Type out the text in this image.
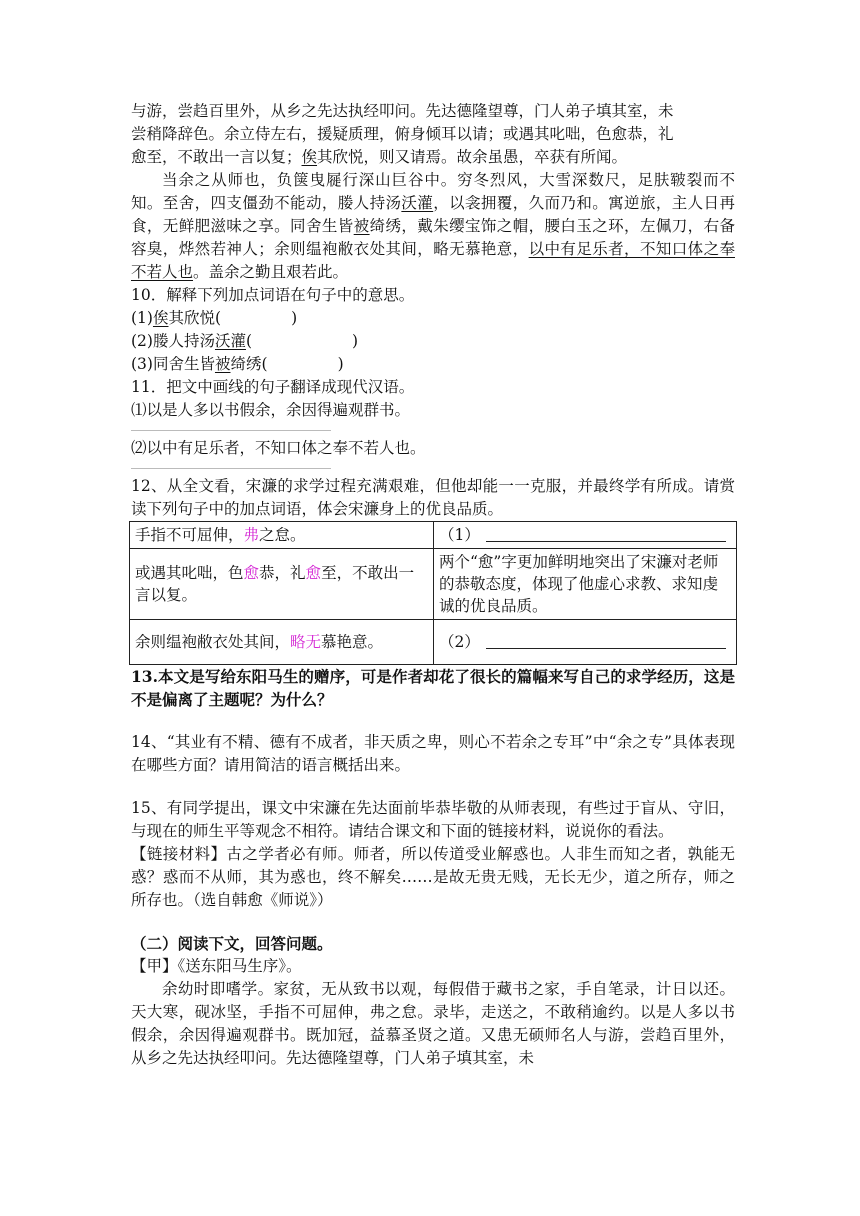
与游，尝趋百里外，从乡之先达执经叩问。先达德隆望尊，门人弟子填其室，未

尝稍降辞色。余立侍左右，援疑质理，俯身倾耳以请；或遇其叱咄，色愈恭，礼

愈至，不敢出一言以复；俟其欣悦，则又请焉。故余虽愚，卒获有所闻。

当余之从师也，负箧曳屣行深山巨谷中。穷冬烈风，大雪深数尺，足肤皲裂而不知。至舍，四支僵劲不能动，媵人持汤沃灌，以衾拥覆，久而乃和。寓逆旅，主人日再食，无鲜肥滋味之享。同舍生皆被绮绣，戴朱缨宝饰之帽，腰白玉之环，左佩刀，右备容臭，烨然若神人；余则缊袍敝衣处其间，略无慕艳意，以中有足乐者，不知口体之奉不若人也。盖余之勤且艰若此。

10．解释下列加点词语在句子中的意思。

(1)俟其欣悦(	)

(2)媵人持汤沃灌(	)

(3)同舍生皆被绮绣(	)

11．把文中画线的句子翻译成现代汉语。

⑴以是人多以书假余，余因得遍观群书。

⑵以中有足乐者，不知口体之奉不若人也。

12、从全文看，宋濂的求学过程充满艰难，但他却能一一克服，并最终学有所成。请赏读下列句子中的加点词语，体会宋濂身上的优良品质。

手指不可屈伸，弗之怠。	（1）
或遇其叱咄，色愈恭，礼愈至，不敢出一言以复。	两个“愈”字更加鲜明地突出了宋濂对老师的恭敬态度，体现了他虚心求教、求知虔诚的优良品质。
余则缊袍敝衣处其间，略无慕艳意。	（2）

13.本文是写给东阳马生的赠序，可是作者却花了很长的篇幅来写自己的求学经历，这是不是偏离了主题呢？为什么？

14、“其业有不精、德有不成者，非天质之卑，则心不若余之专耳”中“余之专”具体表现在哪些方面？请用简洁的语言概括出来。

15、有同学提出，课文中宋濂在先达面前毕恭毕敬的从师表现，有些过于盲从、守旧，与现在的师生平等观念不相符。请结合课文和下面的链接材料，说说你的看法。

【链接材料】古之学者必有师。师者，所以传道受业解惑也。人非生而知之者，孰能无惑？惑而不从师，其为惑也，终不解矣……是故无贵无贱，无长无少，道之所存，师之所存也。（选自韩愈《师说》）

（二）阅读下文，回答问题。

【甲】《送东阳马生序》。

余幼时即嗜学。家贫，无从致书以观，每假借于藏书之家，手自笔录，计日以还。天大寒，砚冰坚，手指不可屈伸，弗之怠。录毕，走送之，不敢稍逾约。以是人多以书假余，余因得遍观群书。既加冠，益慕圣贤之道。又患无硕师名人与游，尝趋百里外，从乡之先达执经叩问。先达德隆望尊，门人弟子填其室，未
